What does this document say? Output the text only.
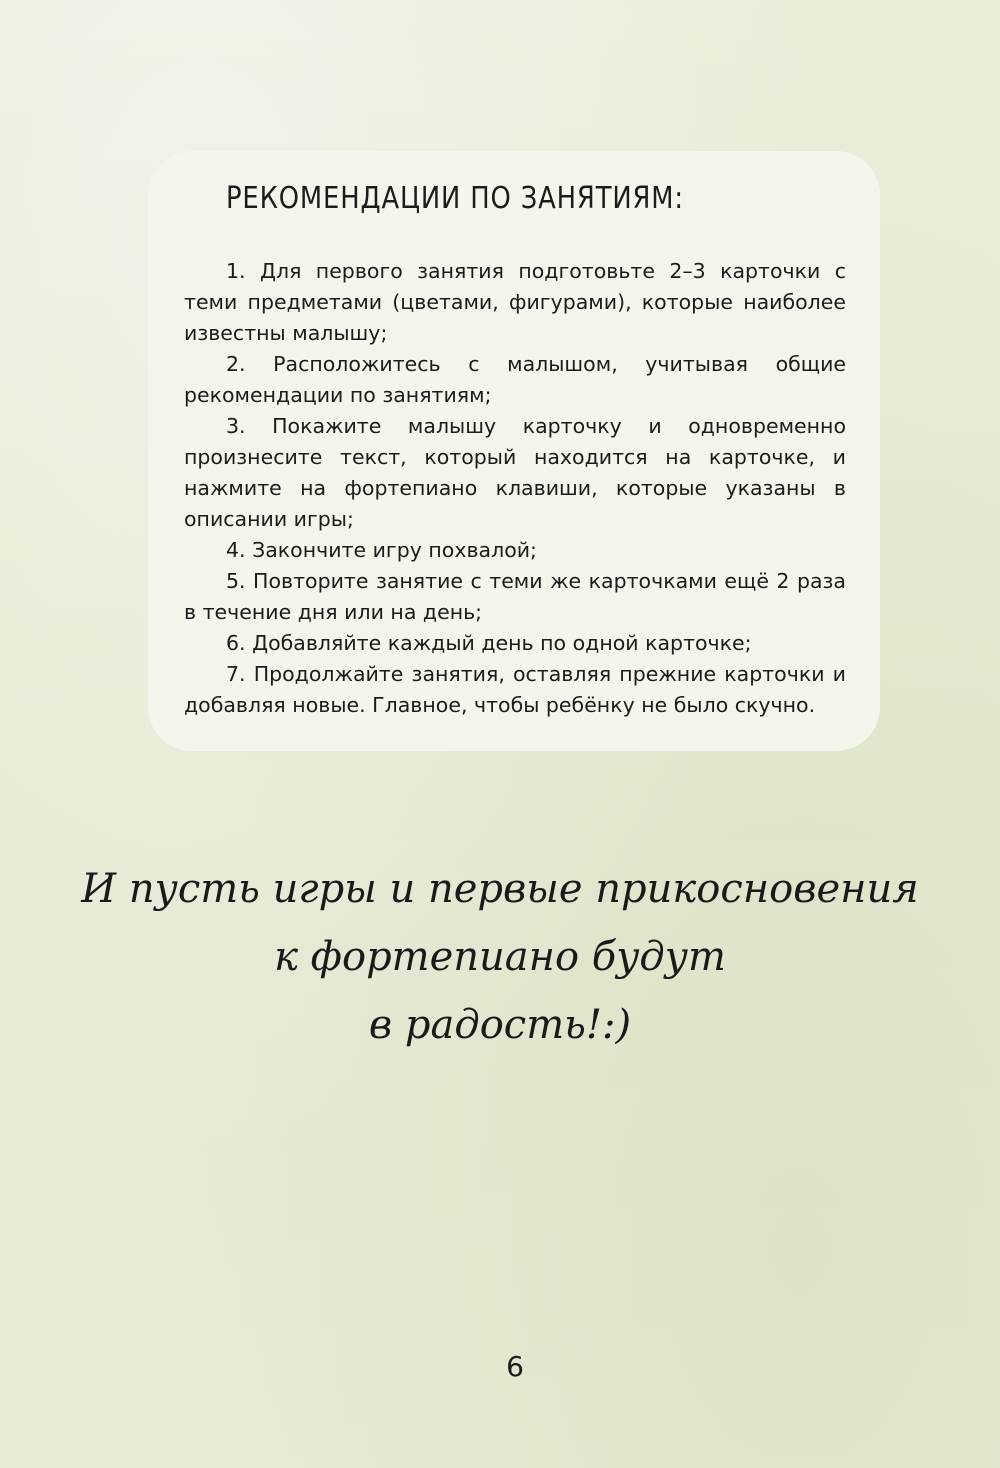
РЕКОМЕНДАЦИИ ПО ЗАНЯТИЯМ:

1. Для первого занятия подготовьте 2–3 карточки с теми предметами (цветами, фигурами), которые наиболее известны малышу;

2. Расположитесь с малышом, учитывая общие рекомендации по занятиям;

3. Покажите малышу карточку и одновременно произнесите текст, который находится на карточке, и нажмите на фортепиано клавиши, которые указаны в описании игры;

4. Закончите игру похвалой;

5. Повторите занятие с теми же карточками ещё 2 раза в течение дня или на день;

6. Добавляйте каждый день по одной карточке;

7. Продолжайте занятия, оставляя прежние карточки и добавляя новые. Главное, чтобы ребёнку не было скучно.

И пусть игры и первые прикосновения
к фортепиано будут
в радость!:)
6
